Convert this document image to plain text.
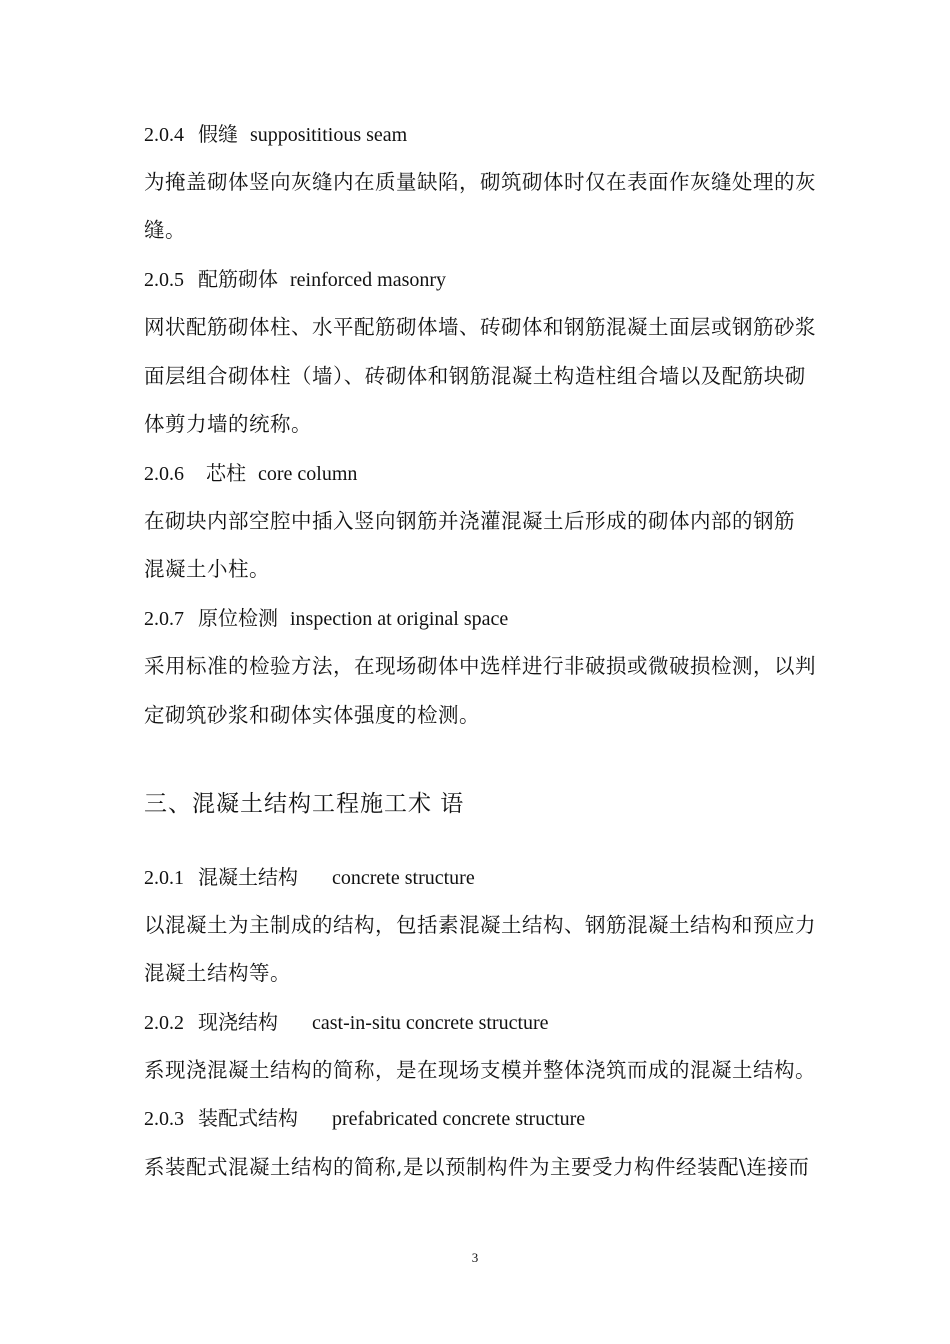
2.0.4 假缝 supposititious seam
为掩盖砌体竖向灰缝内在质量缺陷，砌筑砌体时仅在表面作灰缝处理的灰
缝。
2.0.5 配筋砌体 reinforced masonry
网状配筋砌体柱、水平配筋砌体墙、砖砌体和钢筋混凝土面层或钢筋砂浆
面层组合砌体柱（墙）、砖砌体和钢筋混凝土构造柱组合墙以及配筋块砌
体剪力墙的统称。
2.0.6 芯柱 core column
在砌块内部空腔中插入竖向钢筋并浇灌混凝土后形成的砌体内部的钢筋
混凝土小柱。
2.0.7 原位检测 inspection at original space
采用标准的检验方法，在现场砌体中选样进行非破损或微破损检测，以判
定砌筑砂浆和砌体实体强度的检测。
三、混凝土结构工程施工术 语
2.0.1 混凝土结构 concrete structure
以混凝土为主制成的结构，包括素混凝土结构、钢筋混凝土结构和预应力
混凝土结构等。
2.0.2 现浇结构 cast-in-situ concrete structure
系现浇混凝土结构的简称，是在现场支模并整体浇筑而成的混凝土结构。
2.0.3 装配式结构 prefabricated concrete structure
系装配式混凝土结构的简称,是以预制构件为主要受力构件经装配\连接而
3
